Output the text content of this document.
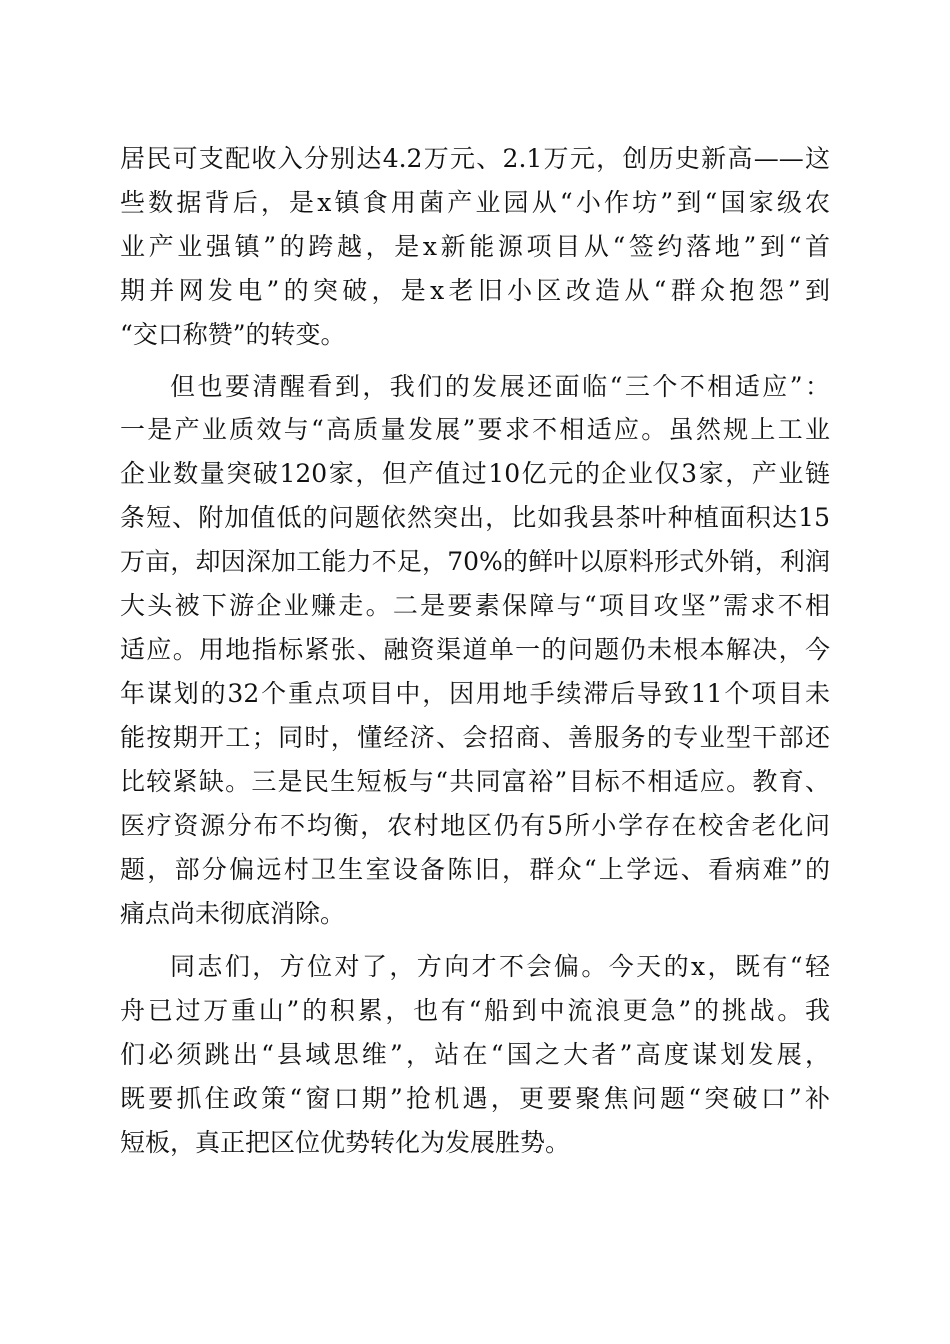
居民可支配收入分别达4.2万元、2.1万元，创历史新高——这
些数据背后，是x镇食用菌产业园从“小作坊”到“国家级农
业产业强镇”的跨越，是x新能源项目从“签约落地”到“首
期并网发电”的突破，是x老旧小区改造从“群众抱怨”到
“交口称赞”的转变。
但也要清醒看到，我们的发展还面临“三个不相适应”：
一是产业质效与“高质量发展”要求不相适应。虽然规上工业
企业数量突破120家，但产值过10亿元的企业仅3家，产业链
条短、附加值低的问题依然突出，比如我县茶叶种植面积达15
万亩，却因深加工能力不足，70%的鲜叶以原料形式外销，利润
大头被下游企业赚走。二是要素保障与“项目攻坚”需求不相
适应。用地指标紧张、融资渠道单一的问题仍未根本解决，今
年谋划的32个重点项目中，因用地手续滞后导致11个项目未
能按期开工；同时，懂经济、会招商、善服务的专业型干部还
比较紧缺。三是民生短板与“共同富裕”目标不相适应。教育、
医疗资源分布不均衡，农村地区仍有5所小学存在校舍老化问
题，部分偏远村卫生室设备陈旧，群众“上学远、看病难”的
痛点尚未彻底消除。
同志们，方位对了，方向才不会偏。今天的x，既有“轻
舟已过万重山”的积累，也有“船到中流浪更急”的挑战。我
们必须跳出“县域思维”，站在“国之大者”高度谋划发展，
既要抓住政策“窗口期”抢机遇，更要聚焦问题“突破口”补
短板，真正把区位优势转化为发展胜势。
